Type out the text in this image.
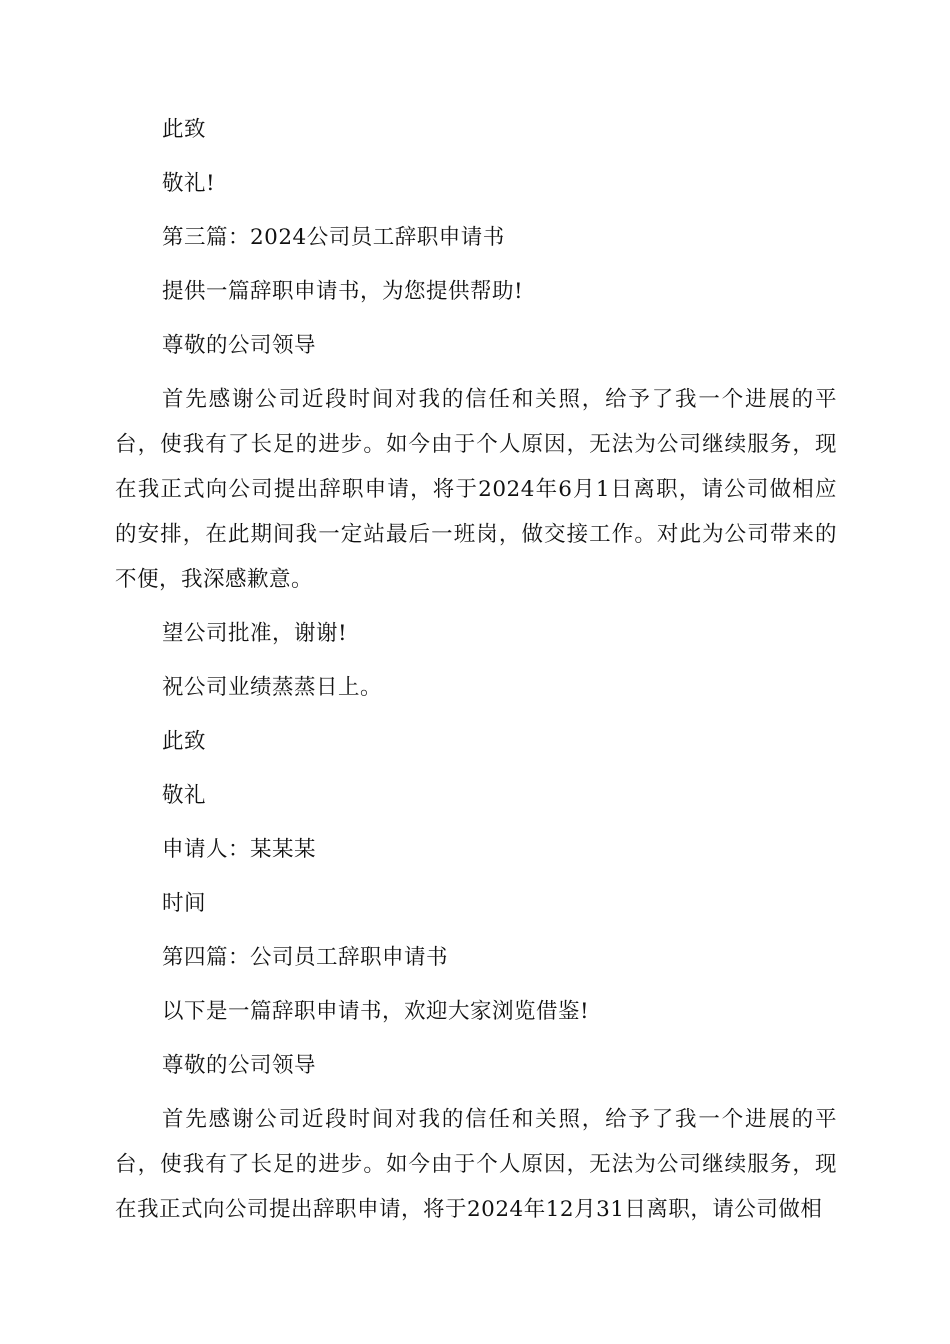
此致

敬礼!

第三篇：2024公司员工辞职申请书

提供一篇辞职申请书，为您提供帮助!

尊敬的公司领导

首先感谢公司近段时间对我的信任和关照，给予了我一个进展的平台，使我有了长足的进步。如今由于个人原因，无法为公司继续服务，现在我正式向公司提出辞职申请，将于2024年6月1日离职，请公司做相应的安排，在此期间我一定站最后一班岗，做交接工作。对此为公司带来的不便，我深感歉意。

望公司批准，谢谢!

祝公司业绩蒸蒸日上。

此致

敬礼

申请人：某某某

时间

第四篇：公司员工辞职申请书

以下是一篇辞职申请书，欢迎大家浏览借鉴!

尊敬的公司领导

首先感谢公司近段时间对我的信任和关照，给予了我一个进展的平台，使我有了长足的进步。如今由于个人原因，无法为公司继续服务，现在我正式向公司提出辞职申请，将于2024年12月31日离职，请公司做相
